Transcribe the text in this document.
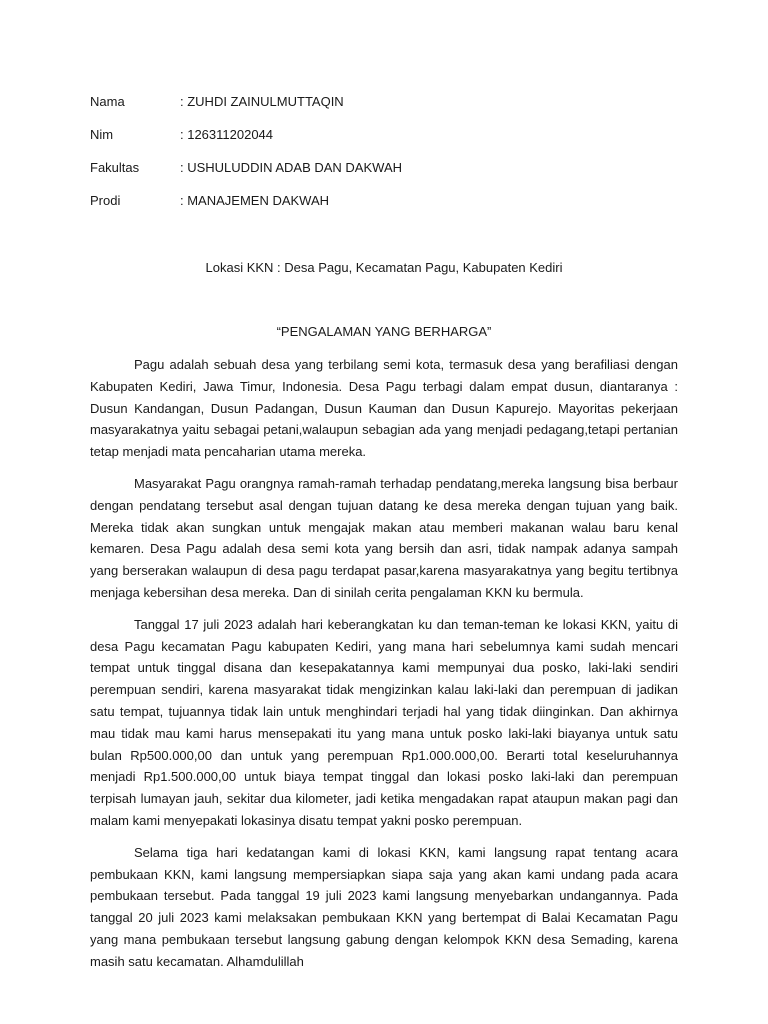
Nama	: ZUHDI ZAINULMUTTAQIN
Nim	: 126311202044
Fakultas	: USHULUDDIN ADAB DAN DAKWAH
Prodi	: MANAJEMEN DAKWAH
Lokasi KKN : Desa Pagu, Kecamatan Pagu, Kabupaten Kediri
“PENGALAMAN YANG BERHARGA”

Pagu adalah sebuah desa yang terbilang semi kota, termasuk desa yang berafiliasi dengan Kabupaten Kediri, Jawa Timur, Indonesia. Desa Pagu terbagi dalam empat dusun, diantaranya : Dusun Kandangan, Dusun Padangan, Dusun Kauman dan Dusun Kapurejo. Mayoritas pekerjaan masyarakatnya yaitu sebagai petani,walaupun sebagian ada yang menjadi pedagang,tetapi pertanian tetap menjadi mata pencaharian utama mereka.

Masyarakat Pagu orangnya ramah-ramah terhadap pendatang,mereka langsung bisa berbaur dengan pendatang tersebut asal dengan tujuan datang ke desa mereka dengan tujuan yang baik. Mereka tidak akan sungkan untuk mengajak makan atau memberi makanan walau baru kenal kemaren. Desa Pagu adalah desa semi kota yang bersih dan asri, tidak nampak adanya sampah yang berserakan walaupun di desa pagu terdapat pasar,karena masyarakatnya yang begitu tertibnya menjaga kebersihan desa mereka. Dan di sinilah cerita pengalaman KKN ku bermula.

Tanggal 17 juli 2023 adalah hari keberangkatan ku dan teman-teman ke lokasi KKN, yaitu di desa Pagu kecamatan Pagu kabupaten Kediri, yang mana hari sebelumnya kami sudah mencari tempat untuk tinggal disana dan kesepakatannya kami mempunyai dua posko, laki-laki sendiri perempuan sendiri, karena masyarakat tidak mengizinkan kalau laki-laki dan perempuan di jadikan satu tempat, tujuannya tidak lain untuk menghindari terjadi hal yang tidak diinginkan. Dan akhirnya mau tidak mau kami harus mensepakati itu yang mana untuk posko laki-laki biayanya untuk satu bulan Rp500.000,00 dan untuk yang perempuan Rp1.000.000,00. Berarti total keseluruhannya menjadi Rp1.500.000,00 untuk biaya tempat tinggal dan lokasi posko laki-laki dan perempuan terpisah lumayan jauh, sekitar dua kilometer, jadi ketika mengadakan rapat ataupun makan pagi dan malam kami menyepakati lokasinya disatu tempat yakni posko perempuan.

Selama tiga hari kedatangan kami di lokasi KKN, kami langsung rapat tentang acara pembukaan KKN, kami langsung mempersiapkan siapa saja yang akan kami undang pada acara pembukaan tersebut. Pada tanggal 19 juli 2023 kami langsung menyebarkan undangannya. Pada tanggal 20 juli 2023 kami melaksakan pembukaan KKN yang bertempat di Balai Kecamatan Pagu yang mana pembukaan tersebut langsung gabung dengan kelompok KKN desa Semading, karena masih satu kecamatan. Alhamdulillah
